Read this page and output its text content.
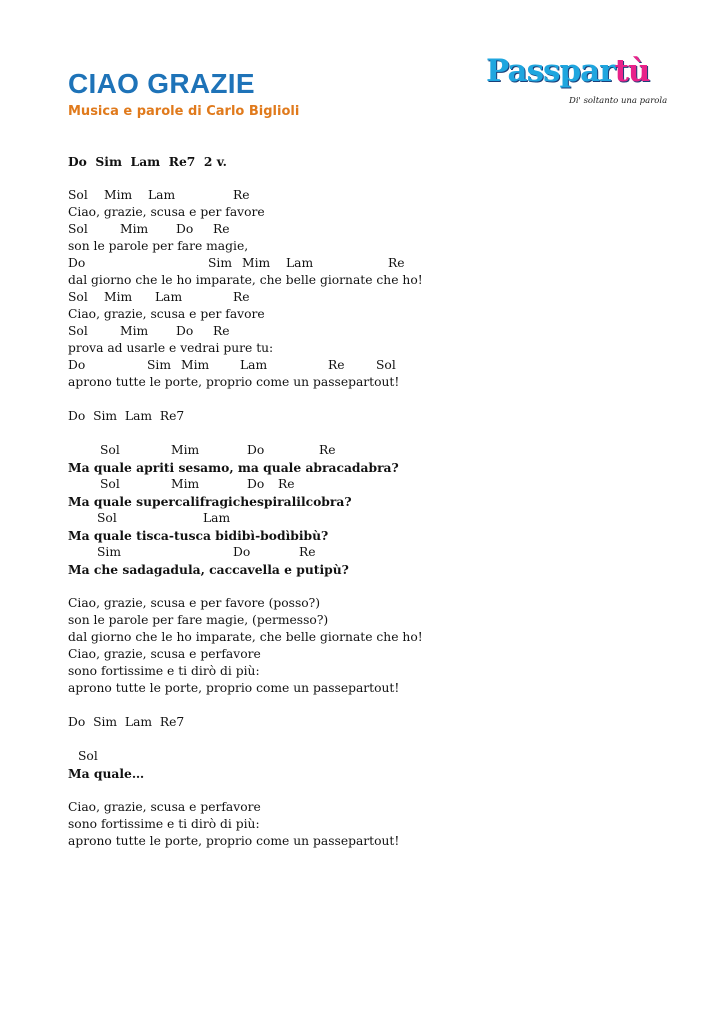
CIAO GRAZIE

Musica e parole di Carlo Biglioli

Passpartù
Di' soltanto una parola
Do  Sim  Lam  Re7  2 v.

Sol

Mim

Lam

	Re

Ciao, grazie, scusa e per favore

Sol

	Mim

Do

Re

son le parole per fare magie,

Do

	Sim

Mim

Lam

	Re

dal giorno che le ho imparate, che belle giornate che ho!

Sol

Mim

Lam

	Re

Ciao, grazie, scusa e per favore

Sol

	Mim

Do

Re

prova ad usarle e vedrai pure tu:

Do

	Sim

Mim

	Lam

	Re

	Sol

aprono tutte le porte, proprio come un passepartout!
Do  Sim  Lam  Re7

Sol

	Mim

	Do

	Re

Ma quale apriti sesamo, ma quale abracadabra?

Sol

	Mim

	Do

Re

Ma quale supercalifragichespiralilcobra?

Sol

	Lam

Ma quale tisca-tusca bidibì-bodìbibù?

Sim

	Do

	Re

Ma che sadagadula, caccavella e putipù?
Ciao, grazie, scusa e per favore (posso?)
son le parole per fare magie, (permesso?)
dal giorno che le ho imparate, che belle giornate che ho!
Ciao, grazie, scusa e perfavore
sono fortissime e ti dirò di più:
aprono tutte le porte, proprio come un passepartout!
Do  Sim  Lam  Re7

Sol

Ma quale…
Ciao, grazie, scusa e perfavore
sono fortissime e ti dirò di più:
aprono tutte le porte, proprio come un passepartout!
